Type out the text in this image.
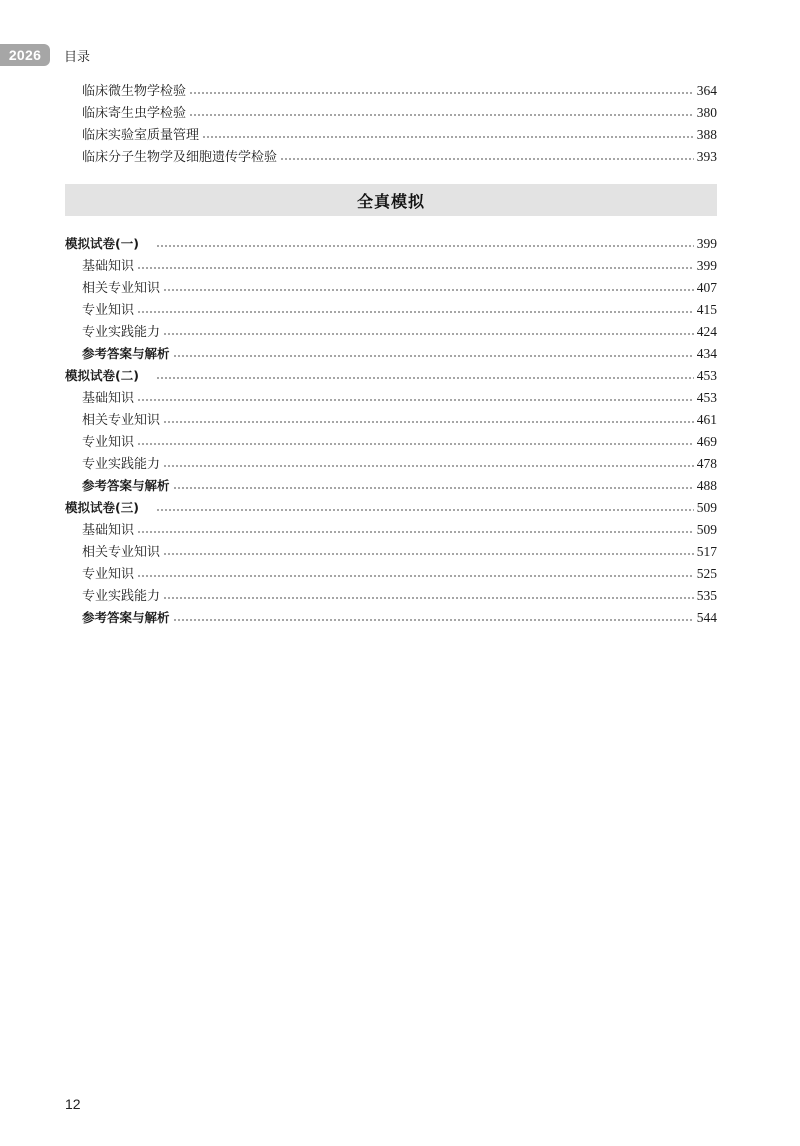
2026	目录
临床微生物学检验	364
临床寄生虫学检验	380
临床实验室质量管理	388
临床分子生物学及细胞遗传学检验	393
全真模拟
模拟试卷(一)	399
基础知识	399
相关专业知识	407
专业知识	415
专业实践能力	424
参考答案与解析	434
模拟试卷(二)	453
基础知识	453
相关专业知识	461
专业知识	469
专业实践能力	478
参考答案与解析	488
模拟试卷(三)	509
基础知识	509
相关专业知识	517
专业知识	525
专业实践能力	535
参考答案与解析	544
12
